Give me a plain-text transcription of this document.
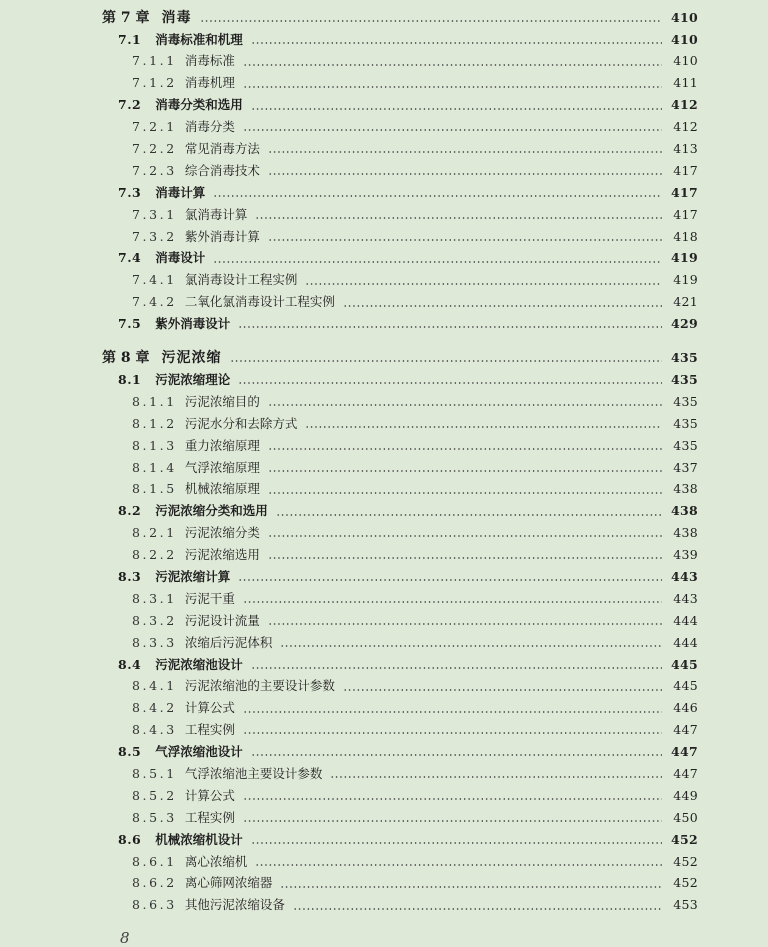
第 7 章 消毒	410
7.1	消毒标准和机理	410
7.1.1 消毒标准	410
7.1.2 消毒机理	411
7.2	消毒分类和选用	412
7.2.1 消毒分类	412
7.2.2 常见消毒方法	413
7.2.3 综合消毒技术	417
7.3	消毒计算	417
7.3.1 氯消毒计算	417
7.3.2 紫外消毒计算	418
7.4	消毒设计	419
7.4.1 氯消毒设计工程实例	419
7.4.2 二氧化氯消毒设计工程实例	421
7.5	紫外消毒设计	429
第 8 章 污泥浓缩	435
8.1	污泥浓缩理论	435
8.1.1 污泥浓缩目的	435
8.1.2 污泥水分和去除方式	435
8.1.3 重力浓缩原理	435
8.1.4 气浮浓缩原理	437
8.1.5 机械浓缩原理	438
8.2	污泥浓缩分类和选用	438
8.2.1 污泥浓缩分类	438
8.2.2 污泥浓缩选用	439
8.3	污泥浓缩计算	443
8.3.1 污泥干重	443
8.3.2 污泥设计流量	444
8.3.3 浓缩后污泥体积	444
8.4	污泥浓缩池设计	445
8.4.1 污泥浓缩池的主要设计参数	445
8.4.2 计算公式	446
8.4.3 工程实例	447
8.5	气浮浓缩池设计	447
8.5.1 气浮浓缩池主要设计参数	447
8.5.2 计算公式	449
8.5.3 工程实例	450
8.6	机械浓缩机设计	452
8.6.1 离心浓缩机	452
8.6.2 离心筛网浓缩器	452
8.6.3 其他污泥浓缩设备	453
8
